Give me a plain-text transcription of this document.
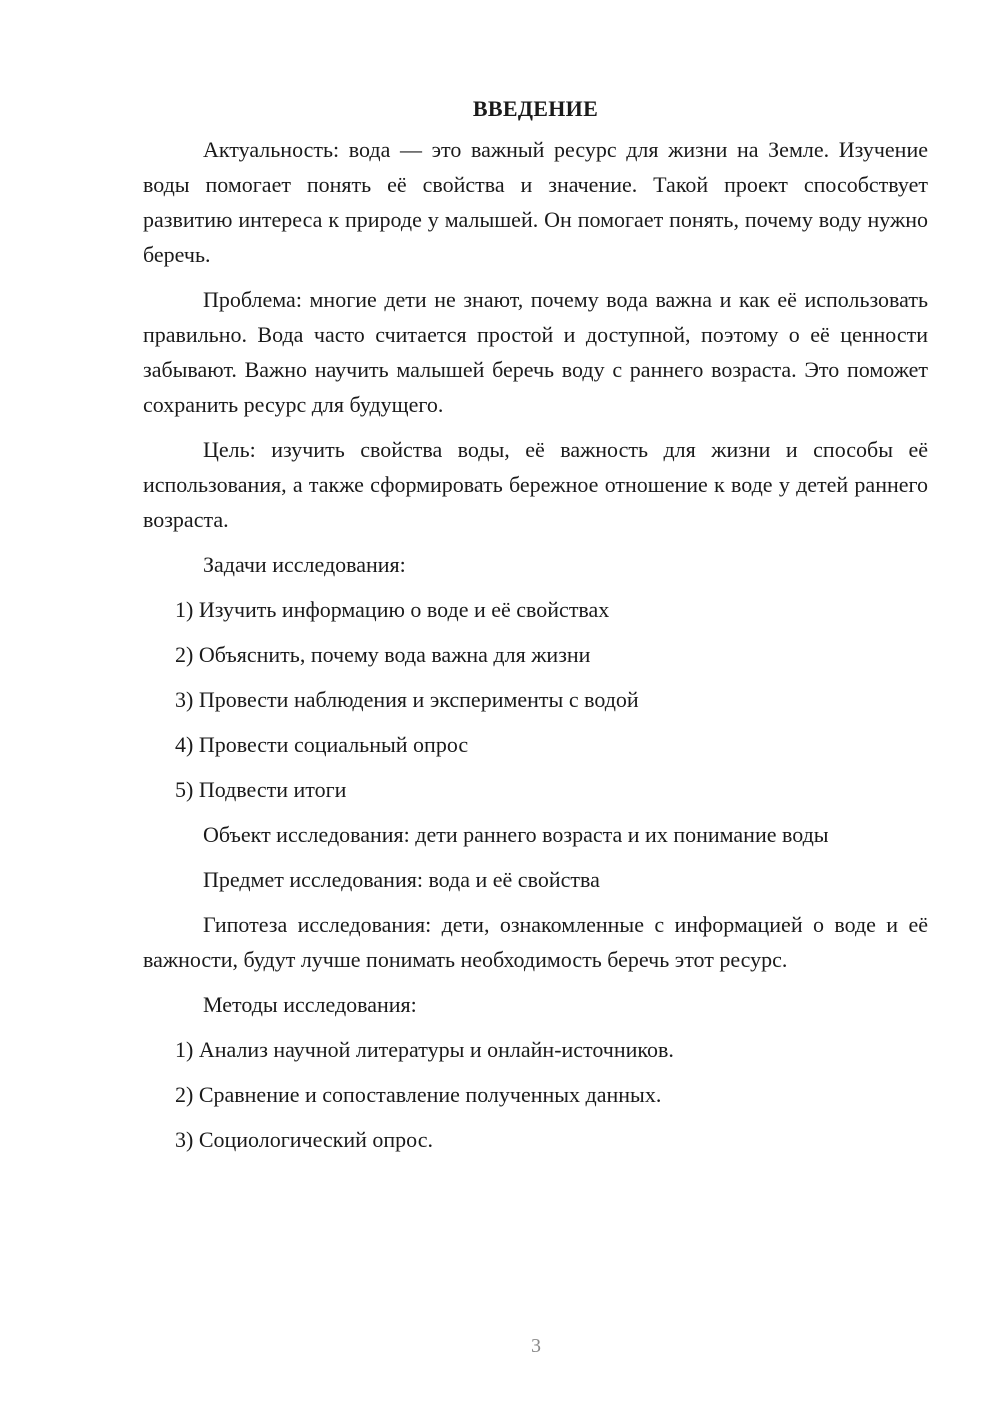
ВВЕДЕНИЕ

Актуальность: вода — это важный ресурс для жизни на Земле. Изучение воды помогает понять её свойства и значение. Такой проект способствует развитию интереса к природе у малышей. Он помогает понять, почему воду нужно беречь.

Проблема: многие дети не знают, почему вода важна и как её использовать правильно. Вода часто считается простой и доступной, поэтому о её ценности забывают. Важно научить малышей беречь воду с раннего возраста. Это поможет сохранить ресурс для будущего.

Цель: изучить свойства воды, её важность для жизни и способы её использования, а также сформировать бережное отношение к воде у детей раннего возраста.

Задачи исследования:
1) Изучить информацию о воде и её свойствах
2) Объяснить, почему вода важна для жизни
3) Провести наблюдения и эксперименты с водой
4) Провести социальный опрос
5) Подвести итоги
Объект исследования: дети раннего возраста и их понимание воды
Предмет исследования: вода и её свойства

Гипотеза исследования: дети, ознакомленные с информацией о воде и её важности, будут лучше понимать необходимость беречь этот ресурс.

Методы исследования:
1) Анализ научной литературы и онлайн-источников.
2) Сравнение и сопоставление полученных данных.
3) Социологический опрос.
3
